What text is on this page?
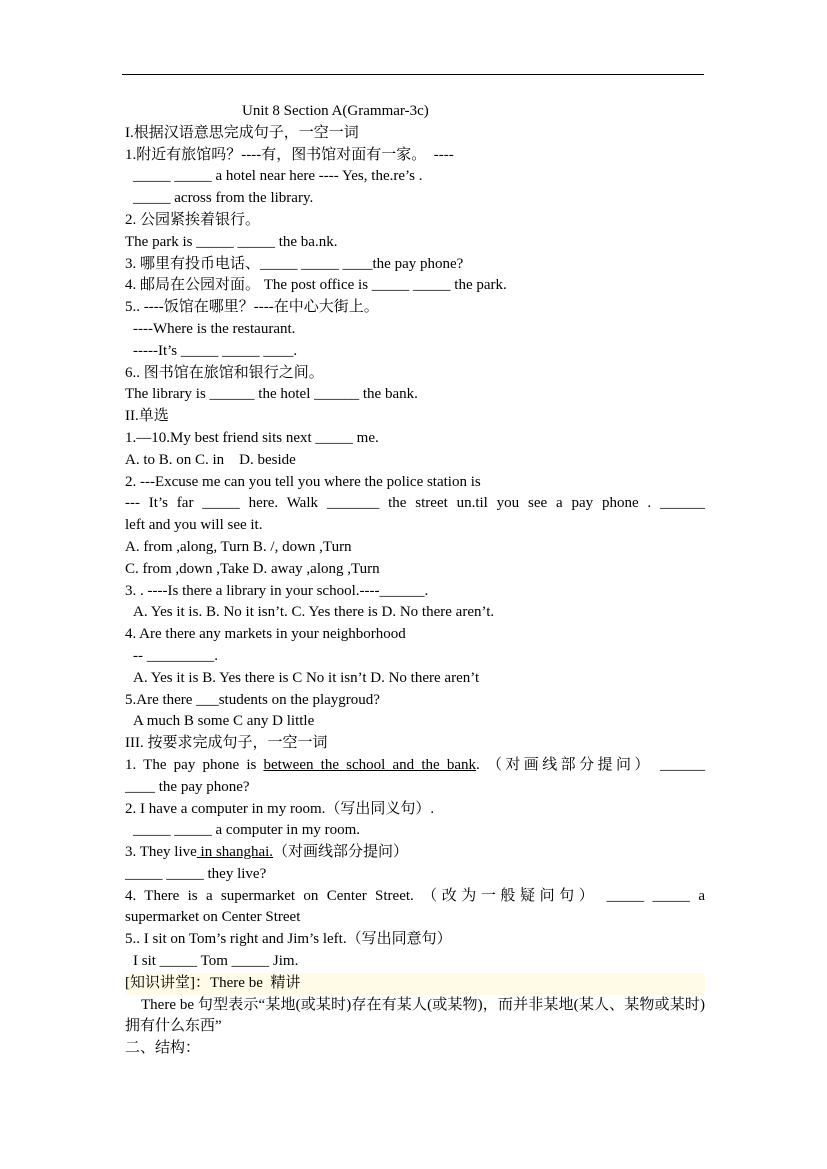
Unit 8 Section A(Grammar-3c)
I.根据汉语意思完成句子，一空一词
1.附近有旅馆吗？----有，图书馆对面有一家。  ----
_____ _____ a hotel near here ---- Yes, the.re’s .
_____ across from the library.
2. 公园紧挨着银行。
The park is _____ _____ the ba.nk.
3. 哪里有投币电话、_____ _____ ____the pay phone?
4. 邮局在公园对面。 The post office is _____ _____ the park.
5.. ----饭馆在哪里？----在中心大街上。
----Where is the restaurant.
-----It’s _____ _____ ____.
6.. 图书馆在旅馆和银行之间。
The library is ______ the hotel ______ the bank.
II.单选
1.—10.My best friend sits next _____ me.
A. to B. on C. in    D. beside
2. ---Excuse me can you tell you where the police station is
--- It’s far _____ here. Walk _______ the street un.til you see a pay phone . ______
left and you will see it.
A. from ,along, Turn B. /, down ,Turn
C. from ,down ,Take D. away ,along ,Turn
3. . ----Is there a library in your school.----______.
A. Yes it is. B. No it isn’t. C. Yes there is D. No there aren’t.
4. Are there any markets in your neighborhood
-- _________.
A. Yes it is B. Yes there is C No it isn’t D. No there aren’t
5.Are there ___students on the playgroud?
A much B some C any D little
III. 按要求完成句子，一空一词
1. The pay phone is between the school and the bank. （对画线部分提问） ______
____ the pay phone?
2. I have a computer in my room.（写出同义句）.
_____ _____ a computer in my room.
3. They live in shanghai.（对画线部分提问）
_____ _____ they live?
4. There is a supermarket on Center Street. （改为一般疑问句） _____ _____ a
supermarket on Center Street
5.. I sit on Tom’s right and Jim’s left.（写出同意句）
I sit _____ Tom _____ Jim.
[知识讲堂]：There be  精讲
There be 句型表示“某地(或某时)存在有某人(或某物)，而并非某地(某人、某物或某时)拥有什么东西”
二、结构：
